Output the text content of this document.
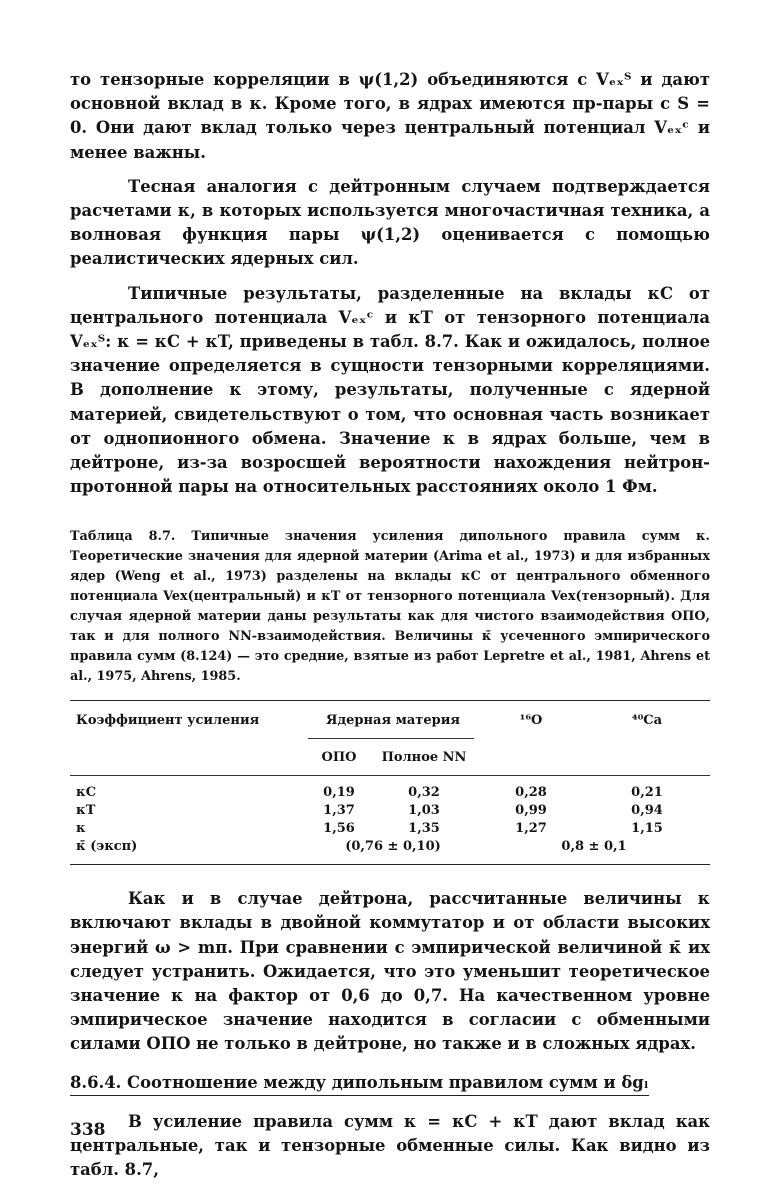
то тензорные корреляции в ψ(1,2) объединяются с Vₑₓᵀ и дают основной вклад в κ. Кроме того, в ядрах имеются пр-пары с S = 0. Они дают вклад только через центральный потенциал Vₑₓᶜ и менее важны.

Тесная аналогия с дейтронным случаем подтверждается расчетами κ, в которых используется многочастичная техника, а волновая функция пары ψ(1,2) оценивается с помощью реалистических ядерных сил.

Типичные результаты, разделенные на вклады κC от центрального потенциала Vₑₓᶜ и κT от тензорного потенциала Vₑₓᵀ: κ = κC + κT, приведены в табл. 8.7. Как и ожидалось, полное значение определяется в сущности тензорными корреляциями. В дополнение к этому, результаты, полученные с ядерной материей, свидетельствуют о том, что основная часть возникает от однопионного обмена. Значение κ в ядрах больше, чем в дейтроне, из-за возросшей вероятности нахождения нейтрон-протонной пары на относительных расстояниях около 1 Фм.

Таблица 8.7. Типичные значения усиления дипольного правила сумм κ. Теоретические значения для ядерной материи (Arima et al., 1973) и для избранных ядер (Weng et al., 1973) разделены на вклады κC от центрального обменного потенциала Vex(центральный) и κT от тензорного потенциала Vex(тензорный). Для случая ядерной материи даны результаты как для чистого взаимодействия ОПО, так и для полного NN-взаимодействия. Величины κ̄ усеченного эмпирического правила сумм (8.124) — это средние, взятые из работ Lepretre et al., 1981, Ahrens et al., 1975, Ahrens, 1985.

Коэффициент усиления	Ядерная материя	¹⁶O	⁴⁰Ca
ОПО	Полное NN
κC	0,19	0,32	0,28	0,21
κT	1,37	1,03	0,99	0,94
κ	1,56	1,35	1,27	1,15
κ̄ (эксп)	(0,76 ± 0,10)	0,8 ± 0,1

Как и в случае дейтрона, рассчитанные величины κ включают вклады в двойной коммутатор и от области высоких энергий ω > mπ. При сравнении с эмпирической величиной κ̄ их следует устранить. Ожидается, что это уменьшит теоретическое значение κ на фактор от 0,6 до 0,7. На качественном уровне эмпирическое значение находится в согласии с обменными силами ОПО не только в дейтроне, но также и в сложных ядрах.

8.6.4. Соотношение между дипольным правилом сумм и δgₗ

В усиление правила сумм κ = κC + κT дают вклад как центральные, так и тензорные обменные силы. Как видно из табл. 8.7,

338
